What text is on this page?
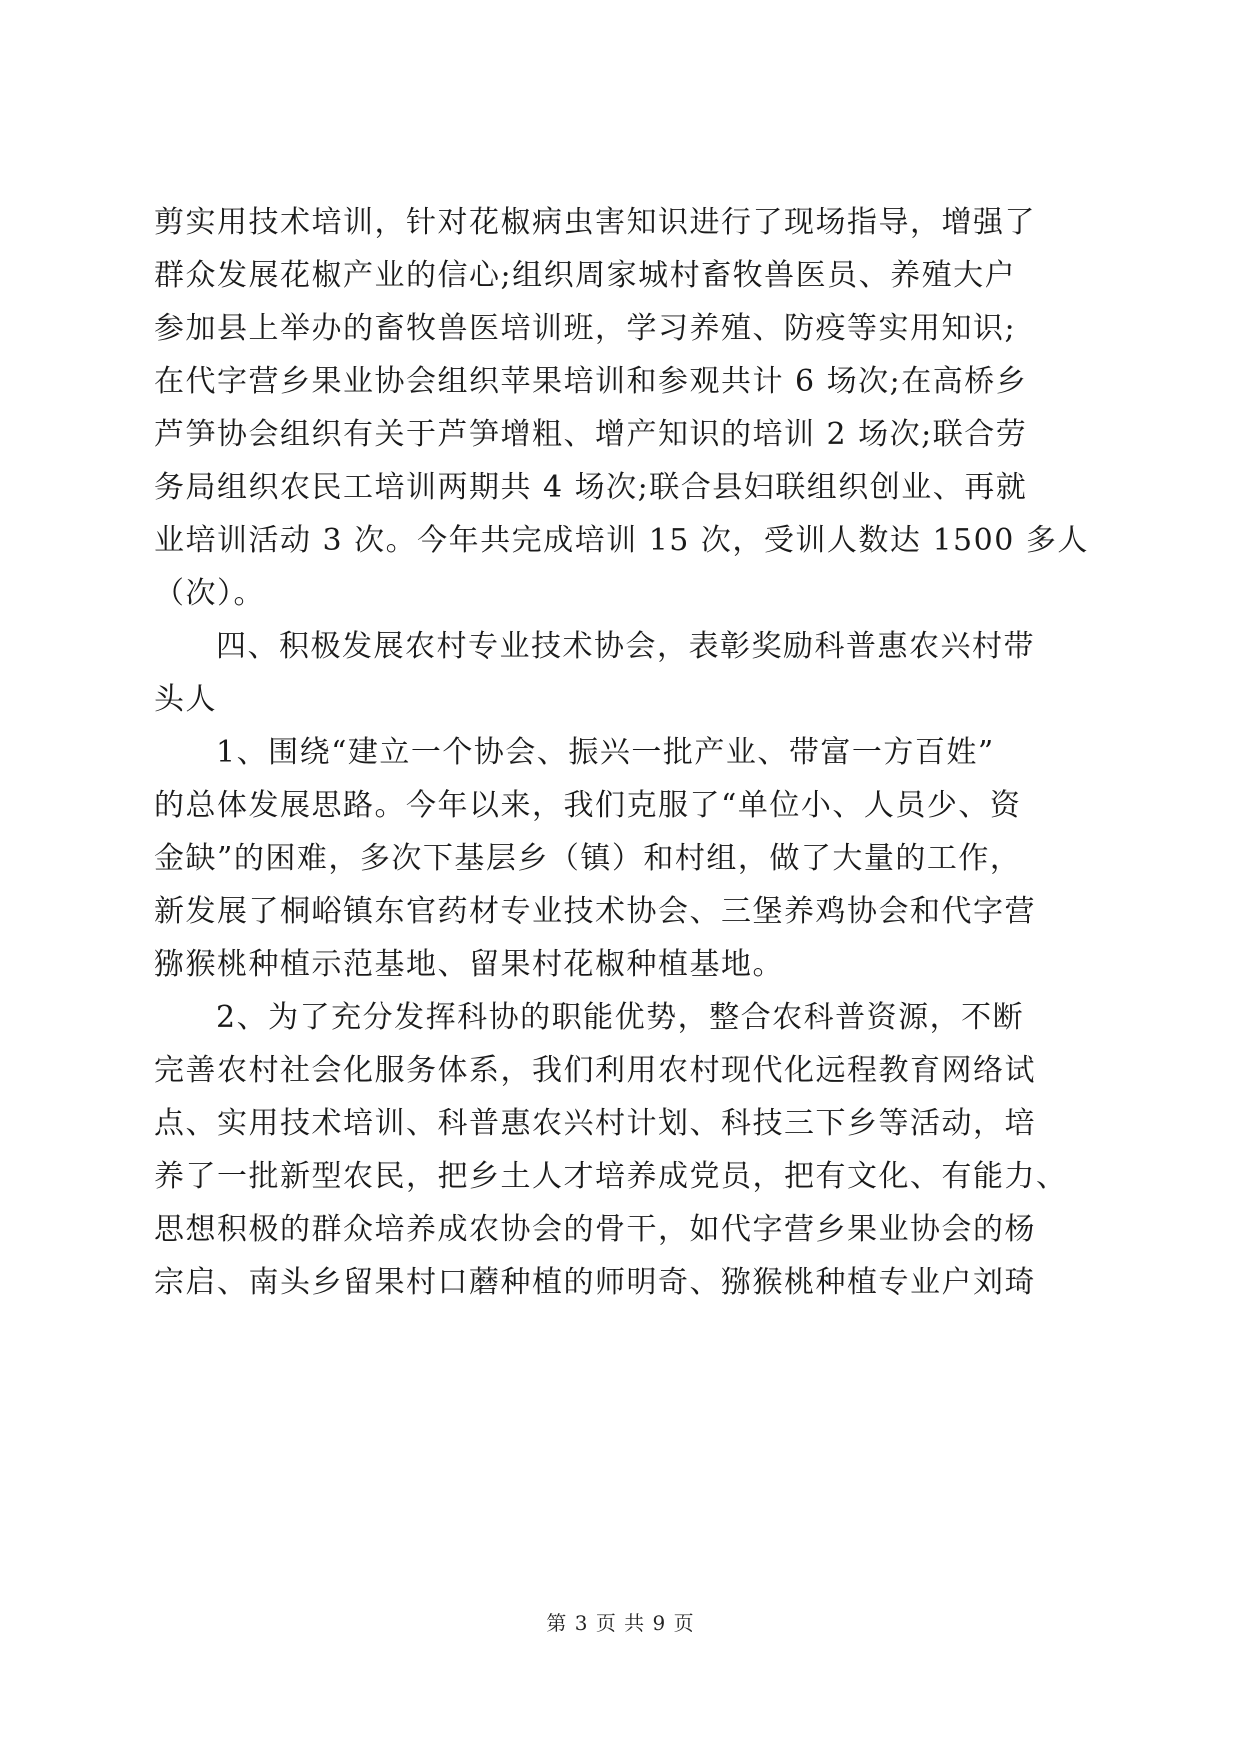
剪实用技术培训，针对花椒病虫害知识进行了现场指导，增强了
群众发展花椒产业的信心;组织周家城村畜牧兽医员、养殖大户
参加县上举办的畜牧兽医培训班，学习养殖、防疫等实用知识;
在代字营乡果业协会组织苹果培训和参观共计 6 场次;在高桥乡
芦笋协会组织有关于芦笋增粗、增产知识的培训 2 场次;联合劳
务局组织农民工培训两期共 4 场次;联合县妇联组织创业、再就
业培训活动 3 次。今年共完成培训 15 次，受训人数达 1500 多人
（次）。
四、积极发展农村专业技术协会，表彰奖励科普惠农兴村带
头人
1、围绕“建立一个协会、振兴一批产业、带富一方百姓”
的总体发展思路。今年以来，我们克服了“单位小、人员少、资
金缺”的困难，多次下基层乡（镇）和村组，做了大量的工作，
新发展了桐峪镇东官药材专业技术协会、三堡养鸡协会和代字营
猕猴桃种植示范基地、留果村花椒种植基地。
2、为了充分发挥科协的职能优势，整合农科普资源，不断
完善农村社会化服务体系，我们利用农村现代化远程教育网络试
点、实用技术培训、科普惠农兴村计划、科技三下乡等活动，培
养了一批新型农民，把乡土人才培养成党员，把有文化、有能力、
思想积极的群众培养成农协会的骨干，如代字营乡果业协会的杨
宗启、南头乡留果村口蘑种植的师明奇、猕猴桃种植专业户刘琦
第 3 页 共 9 页
